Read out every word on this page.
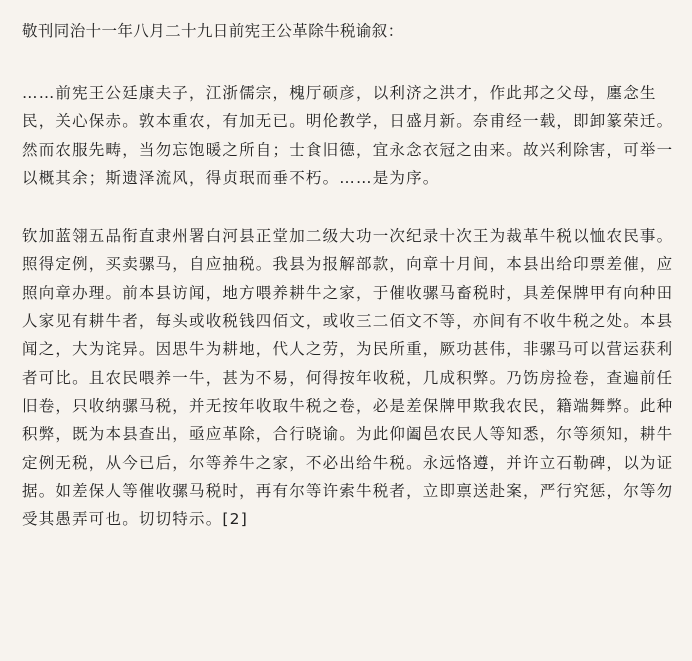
敬刊同治十一年八月二十九日前宪王公革除牛税谕叙：

……前宪王公廷康夫子，江浙儒宗，槐厅硕彦，以利济之洪才，作此邦之父母，廛念生
民，关心保赤。敦本重农，有加无已。明伦教学，日盛月新。奈甫经一载，即卸篆荣迁。
然而农服先畴，当勿忘饱暖之所自；士食旧德，宜永念衣冠之由来。故兴利除害，可举一
以概其余；斯遗泽流风，得贞珉而垂不朽。……是为序。

钦加蓝翎五品衔直隶州署白河县正堂加二级大功一次纪录十次王为裁革牛税以恤农民事。
照得定例，买卖骡马，自应抽税。我县为报解部款，向章十月间，本县出给印票差催，应
照向章办理。前本县访闻，地方喂养耕牛之家，于催收骡马畜税时，具差保牌甲有向种田
人家见有耕牛者，每头或收税钱四佰文，或收三二佰文不等，亦间有不收牛税之处。本县
闻之，大为诧异。因思牛为耕地，代人之劳，为民所重，厥功甚伟，非骡马可以营运获利
者可比。且农民喂养一牛，甚为不易，何得按年收税，几成积弊。乃饬房捡卷，查遍前任
旧卷，只收纳骡马税，并无按年收取牛税之卷，必是差保牌甲欺我农民，籍端舞弊。此种
积弊，既为本县查出，亟应革除，合行晓谕。为此仰阖邑农民人等知悉，尔等须知，耕牛
定例无税，从今已后，尔等养牛之家，不必出给牛税。永远恪遵，并许立石勒碑，以为证
据。如差保人等催收骡马税时，再有尔等许索牛税者，立即禀送赴案，严行究惩，尔等勿
受其愚弄可也。切切特示。[2]
